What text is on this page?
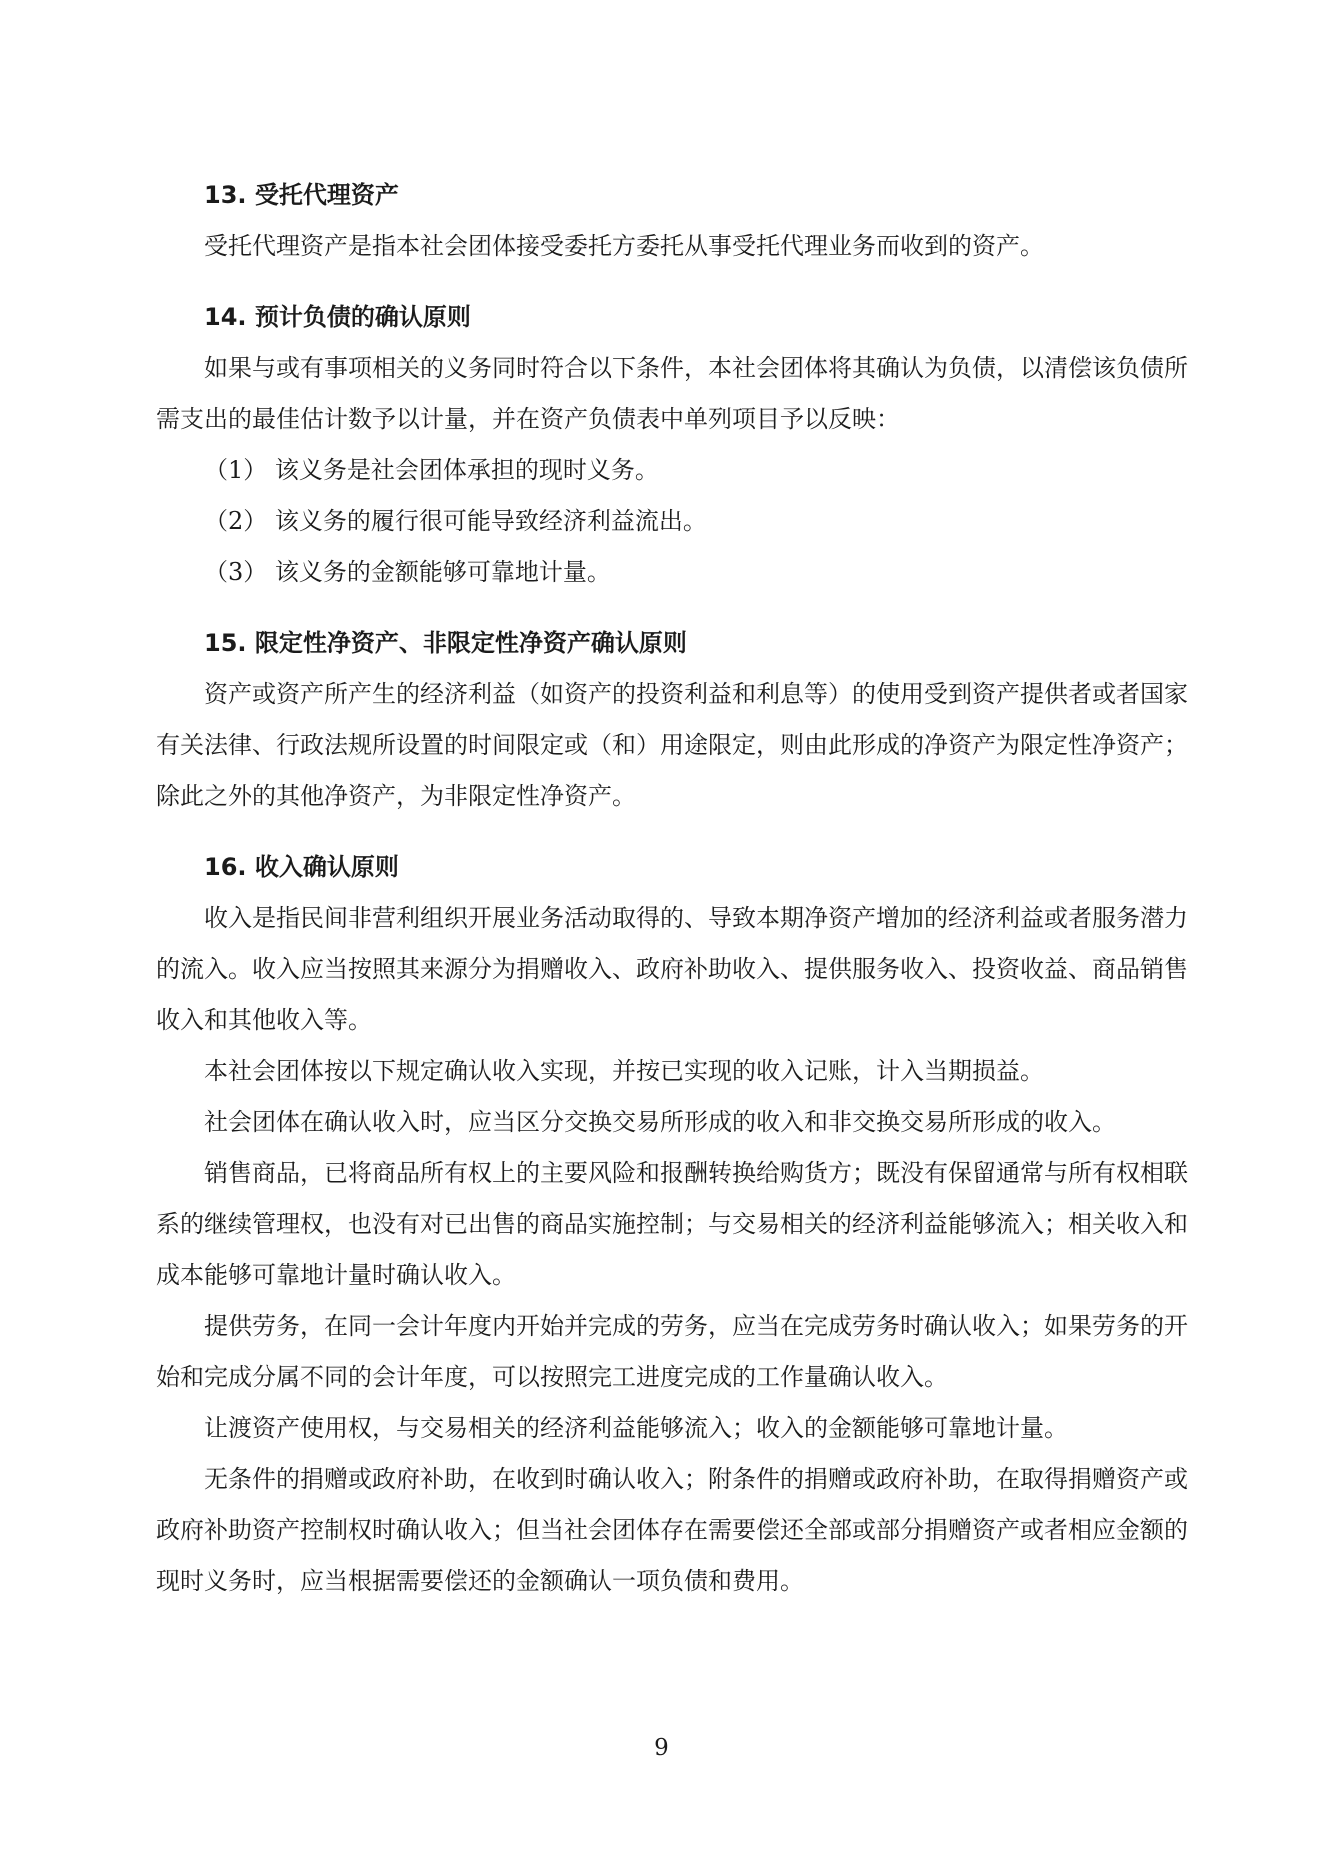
13. 受托代理资产

受托代理资产是指本社会团体接受委托方委托从事受托代理业务而收到的资产。

14. 预计负债的确认原则

如果与或有事项相关的义务同时符合以下条件，本社会团体将其确认为负债，以清偿该负债所需支出的最佳估计数予以计量，并在资产负债表中单列项目予以反映：

（1） 该义务是社会团体承担的现时义务。

（2） 该义务的履行很可能导致经济利益流出。

（3） 该义务的金额能够可靠地计量。

15. 限定性净资产、非限定性净资产确认原则

资产或资产所产生的经济利益（如资产的投资利益和利息等）的使用受到资产提供者或者国家有关法律、行政法规所设置的时间限定或（和）用途限定，则由此形成的净资产为限定性净资产；除此之外的其他净资产，为非限定性净资产。

16. 收入确认原则

收入是指民间非营利组织开展业务活动取得的、导致本期净资产增加的经济利益或者服务潜力的流入。收入应当按照其来源分为捐赠收入、政府补助收入、提供服务收入、投资收益、商品销售收入和其他收入等。

本社会团体按以下规定确认收入实现，并按已实现的收入记账，计入当期损益。

社会团体在确认收入时，应当区分交换交易所形成的收入和非交换交易所形成的收入。

销售商品，已将商品所有权上的主要风险和报酬转换给购货方；既没有保留通常与所有权相联系的继续管理权，也没有对已出售的商品实施控制；与交易相关的经济利益能够流入；相关收入和成本能够可靠地计量时确认收入。

提供劳务，在同一会计年度内开始并完成的劳务，应当在完成劳务时确认收入；如果劳务的开始和完成分属不同的会计年度，可以按照完工进度完成的工作量确认收入。

让渡资产使用权，与交易相关的经济利益能够流入；收入的金额能够可靠地计量。

无条件的捐赠或政府补助，在收到时确认收入；附条件的捐赠或政府补助，在取得捐赠资产或政府补助资产控制权时确认收入；但当社会团体存在需要偿还全部或部分捐赠资产或者相应金额的现时义务时，应当根据需要偿还的金额确认一项负债和费用。

9
